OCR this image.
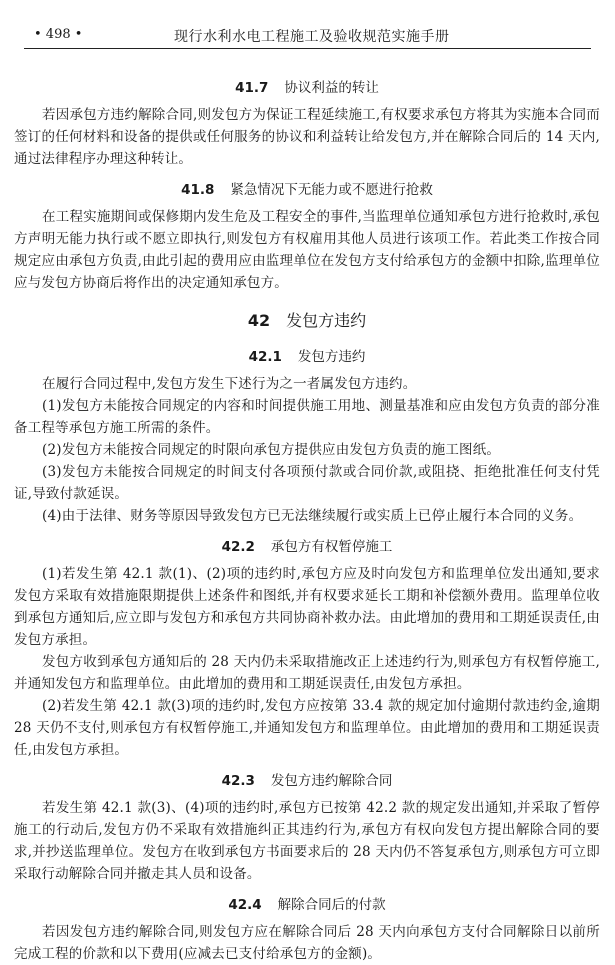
• 498 •	现行水利水电工程施工及验收规范实施手册
41.7 协议利益的转让

若因承包方违约解除合同,则发包方为保证工程延续施工,有权要求承包方将其为实施本合同而签订的任何材料和设备的提供或任何服务的协议和利益转让给发包方,并在解除合同后的 14 天内,通过法律程序办理这种转让。

41.8 紧急情况下无能力或不愿进行抢救

在工程实施期间或保修期内发生危及工程安全的事件,当监理单位通知承包方进行抢救时,承包方声明无能力执行或不愿立即执行,则发包方有权雇用其他人员进行该项工作。若此类工作按合同规定应由承包方负责,由此引起的费用应由监理单位在发包方支付给承包方的金额中扣除,监理单位应与发包方协商后将作出的决定通知承包方。

42 发包方违约
42.1 发包方违约

在履行合同过程中,发包方发生下述行为之一者属发包方违约。

(1)发包方未能按合同规定的内容和时间提供施工用地、测量基准和应由发包方负责的部分准备工程等承包方施工所需的条件。

(2)发包方未能按合同规定的时限向承包方提供应由发包方负责的施工图纸。

(3)发包方未能按合同规定的时间支付各项预付款或合同价款,或阻挠、拒绝批准任何支付凭证,导致付款延误。

(4)由于法律、财务等原因导致发包方已无法继续履行或实质上已停止履行本合同的义务。

42.2 承包方有权暂停施工

(1)若发生第 42.1 款(1)、(2)项的违约时,承包方应及时向发包方和监理单位发出通知,要求发包方采取有效措施限期提供上述条件和图纸,并有权要求延长工期和补偿额外费用。监理单位收到承包方通知后,应立即与发包方和承包方共同协商补救办法。由此增加的费用和工期延误责任,由发包方承担。

发包方收到承包方通知后的 28 天内仍未采取措施改正上述违约行为,则承包方有权暂停施工,并通知发包方和监理单位。由此增加的费用和工期延误责任,由发包方承担。

(2)若发生第 42.1 款(3)项的违约时,发包方应按第 33.4 款的规定加付逾期付款违约金,逾期 28 天仍不支付,则承包方有权暂停施工,并通知发包方和监理单位。由此增加的费用和工期延误责任,由发包方承担。

42.3 发包方违约解除合同

若发生第 42.1 款(3)、(4)项的违约时,承包方已按第 42.2 款的规定发出通知,并采取了暂停施工的行动后,发包方仍不采取有效措施纠正其违约行为,承包方有权向发包方提出解除合同的要求,并抄送监理单位。发包方在收到承包方书面要求后的 28 天内仍不答复承包方,则承包方可立即采取行动解除合同并撤走其人员和设备。

42.4 解除合同后的付款

若因发包方违约解除合同,则发包方应在解除合同后 28 天内向承包方支付合同解除日以前所完成工程的价款和以下费用(应减去已支付给承包方的金额)。
